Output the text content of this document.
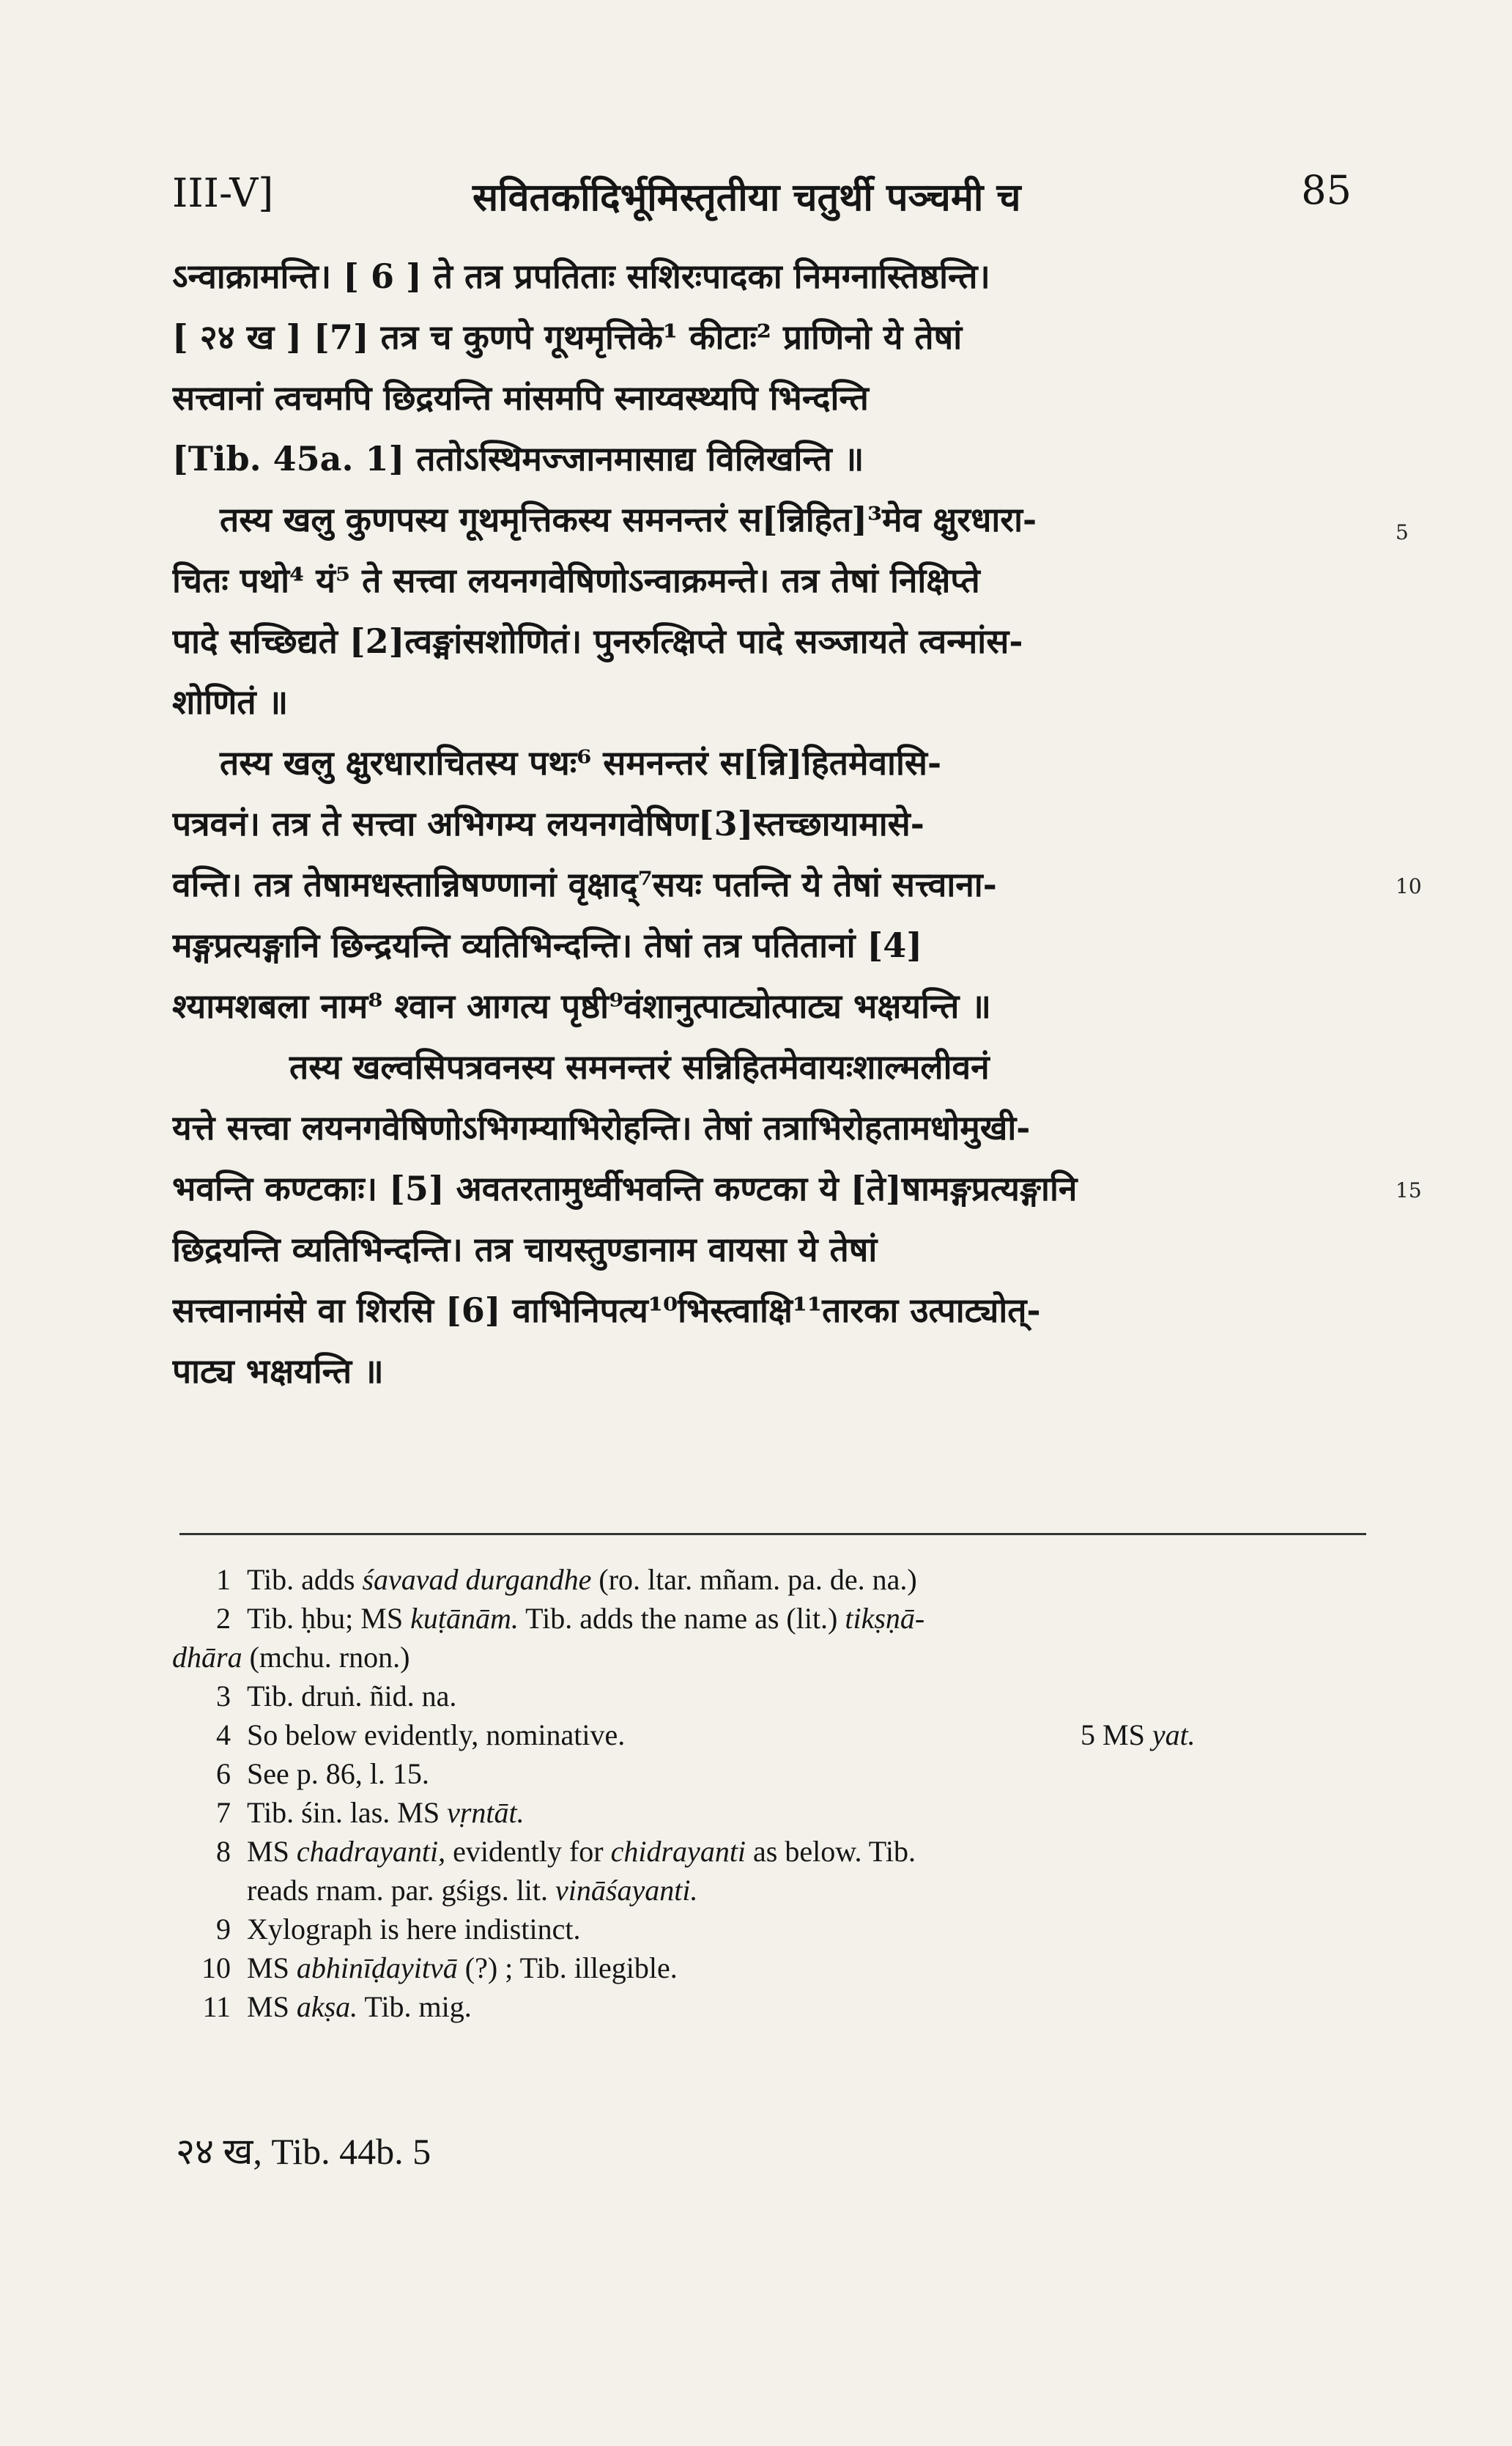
III-V]	सवितर्कादिर्भूमिस्तृतीया चतुर्थी पञ्चमी च	85
ऽन्वाक्रामन्ति। [ 6 ] ते तत्र प्रपतिताः सशिरःपादका निमग्नास्तिष्ठन्ति।
[ २४ ख ] [7] तत्र च कुणपे गूथमृत्तिके¹ कीटाः² प्राणिनो ये तेषां
सत्त्वानां त्वचमपि छिद्रयन्ति मांसमपि स्नाय्वस्थ्यपि भिन्दन्ति
[Tib. 45a. 1] ततोऽस्थिमज्जानमासाद्य विलिखन्ति ॥
तस्य खलु कुणपस्य गूथमृत्तिकस्य समनन्तरं स[न्निहित]³मेव क्षुरधारा-
चितः पथो⁴ यं⁵ ते सत्त्वा लयनगवेषिणोऽन्वाक्रमन्ते। तत्र तेषां निक्षिप्ते
पादे सच्छिद्यते [2]त्वङ्मांसशोणितं। पुनरुत्क्षिप्ते पादे सञ्जायते त्वन्मांस-
शोणितं ॥
तस्य खलु क्षुरधाराचितस्य पथः⁶ समनन्तरं स[न्नि]हितमेवासि-
पत्रवनं। तत्र ते सत्त्वा अभिगम्य लयनगवेषिण[3]स्तच्छायामासे-
वन्ति। तत्र तेषामधस्तान्निषण्णानां वृक्षाद्⁷सयः पतन्ति ये तेषां सत्त्वाना-
मङ्गप्रत्यङ्गानि छिन्द्रयन्ति व्यतिभिन्दन्ति। तेषां तत्र पतितानां [4]
श्यामशबला नाम⁸ श्वान आगत्य पृष्ठी⁹वंशानुत्पाट्योत्पाट्य भक्षयन्ति ॥
तस्य खल्वसिपत्रवनस्य समनन्तरं सन्निहितमेवायःशाल्मलीवनं
यत्ते सत्त्वा लयनगवेषिणोऽभिगम्याभिरोहन्ति। तेषां तत्राभिरोहतामधोमुखी-
भवन्ति कण्टकाः। [5] अवतरतामुर्ध्वीभवन्ति कण्टका ये [ते]षामङ्गप्रत्यङ्गानि
छिद्रयन्ति व्यतिभिन्दन्ति। तत्र चायस्तुण्डानाम वायसा ये तेषां
सत्त्वानामंसे वा शिरसि [6] वाभिनिपत्य¹⁰भिस्त्वाक्षि¹¹तारका उत्पाट्योत्-
पाट्य भक्षयन्ति ॥
5
10
15
1 Tib. adds śavavad durgandhe (ro. ltar. mñam. pa. de. na.)
2 Tib. ḥbu; MS kuṭānām. Tib. adds the name as (lit.) tikṣṇā-
dhāra (mchu. rnon.)
3 Tib. druṅ. ñid. na.
4 So below evidently, nominative.	5 MS yat.
6 See p. 86, l. 15.
7 Tib. śin. las. MS vṛntāt.
8 MS chadrayanti, evidently for chidrayanti as below. Tib.
reads rnam. par. gśigs. lit. vināśayanti.
9 Xylograph is here indistinct.
10 MS abhinīḍayitvā (?) ; Tib. illegible.
11 MS akṣa. Tib. mig.
२४ ख, Tib. 44b. 5
